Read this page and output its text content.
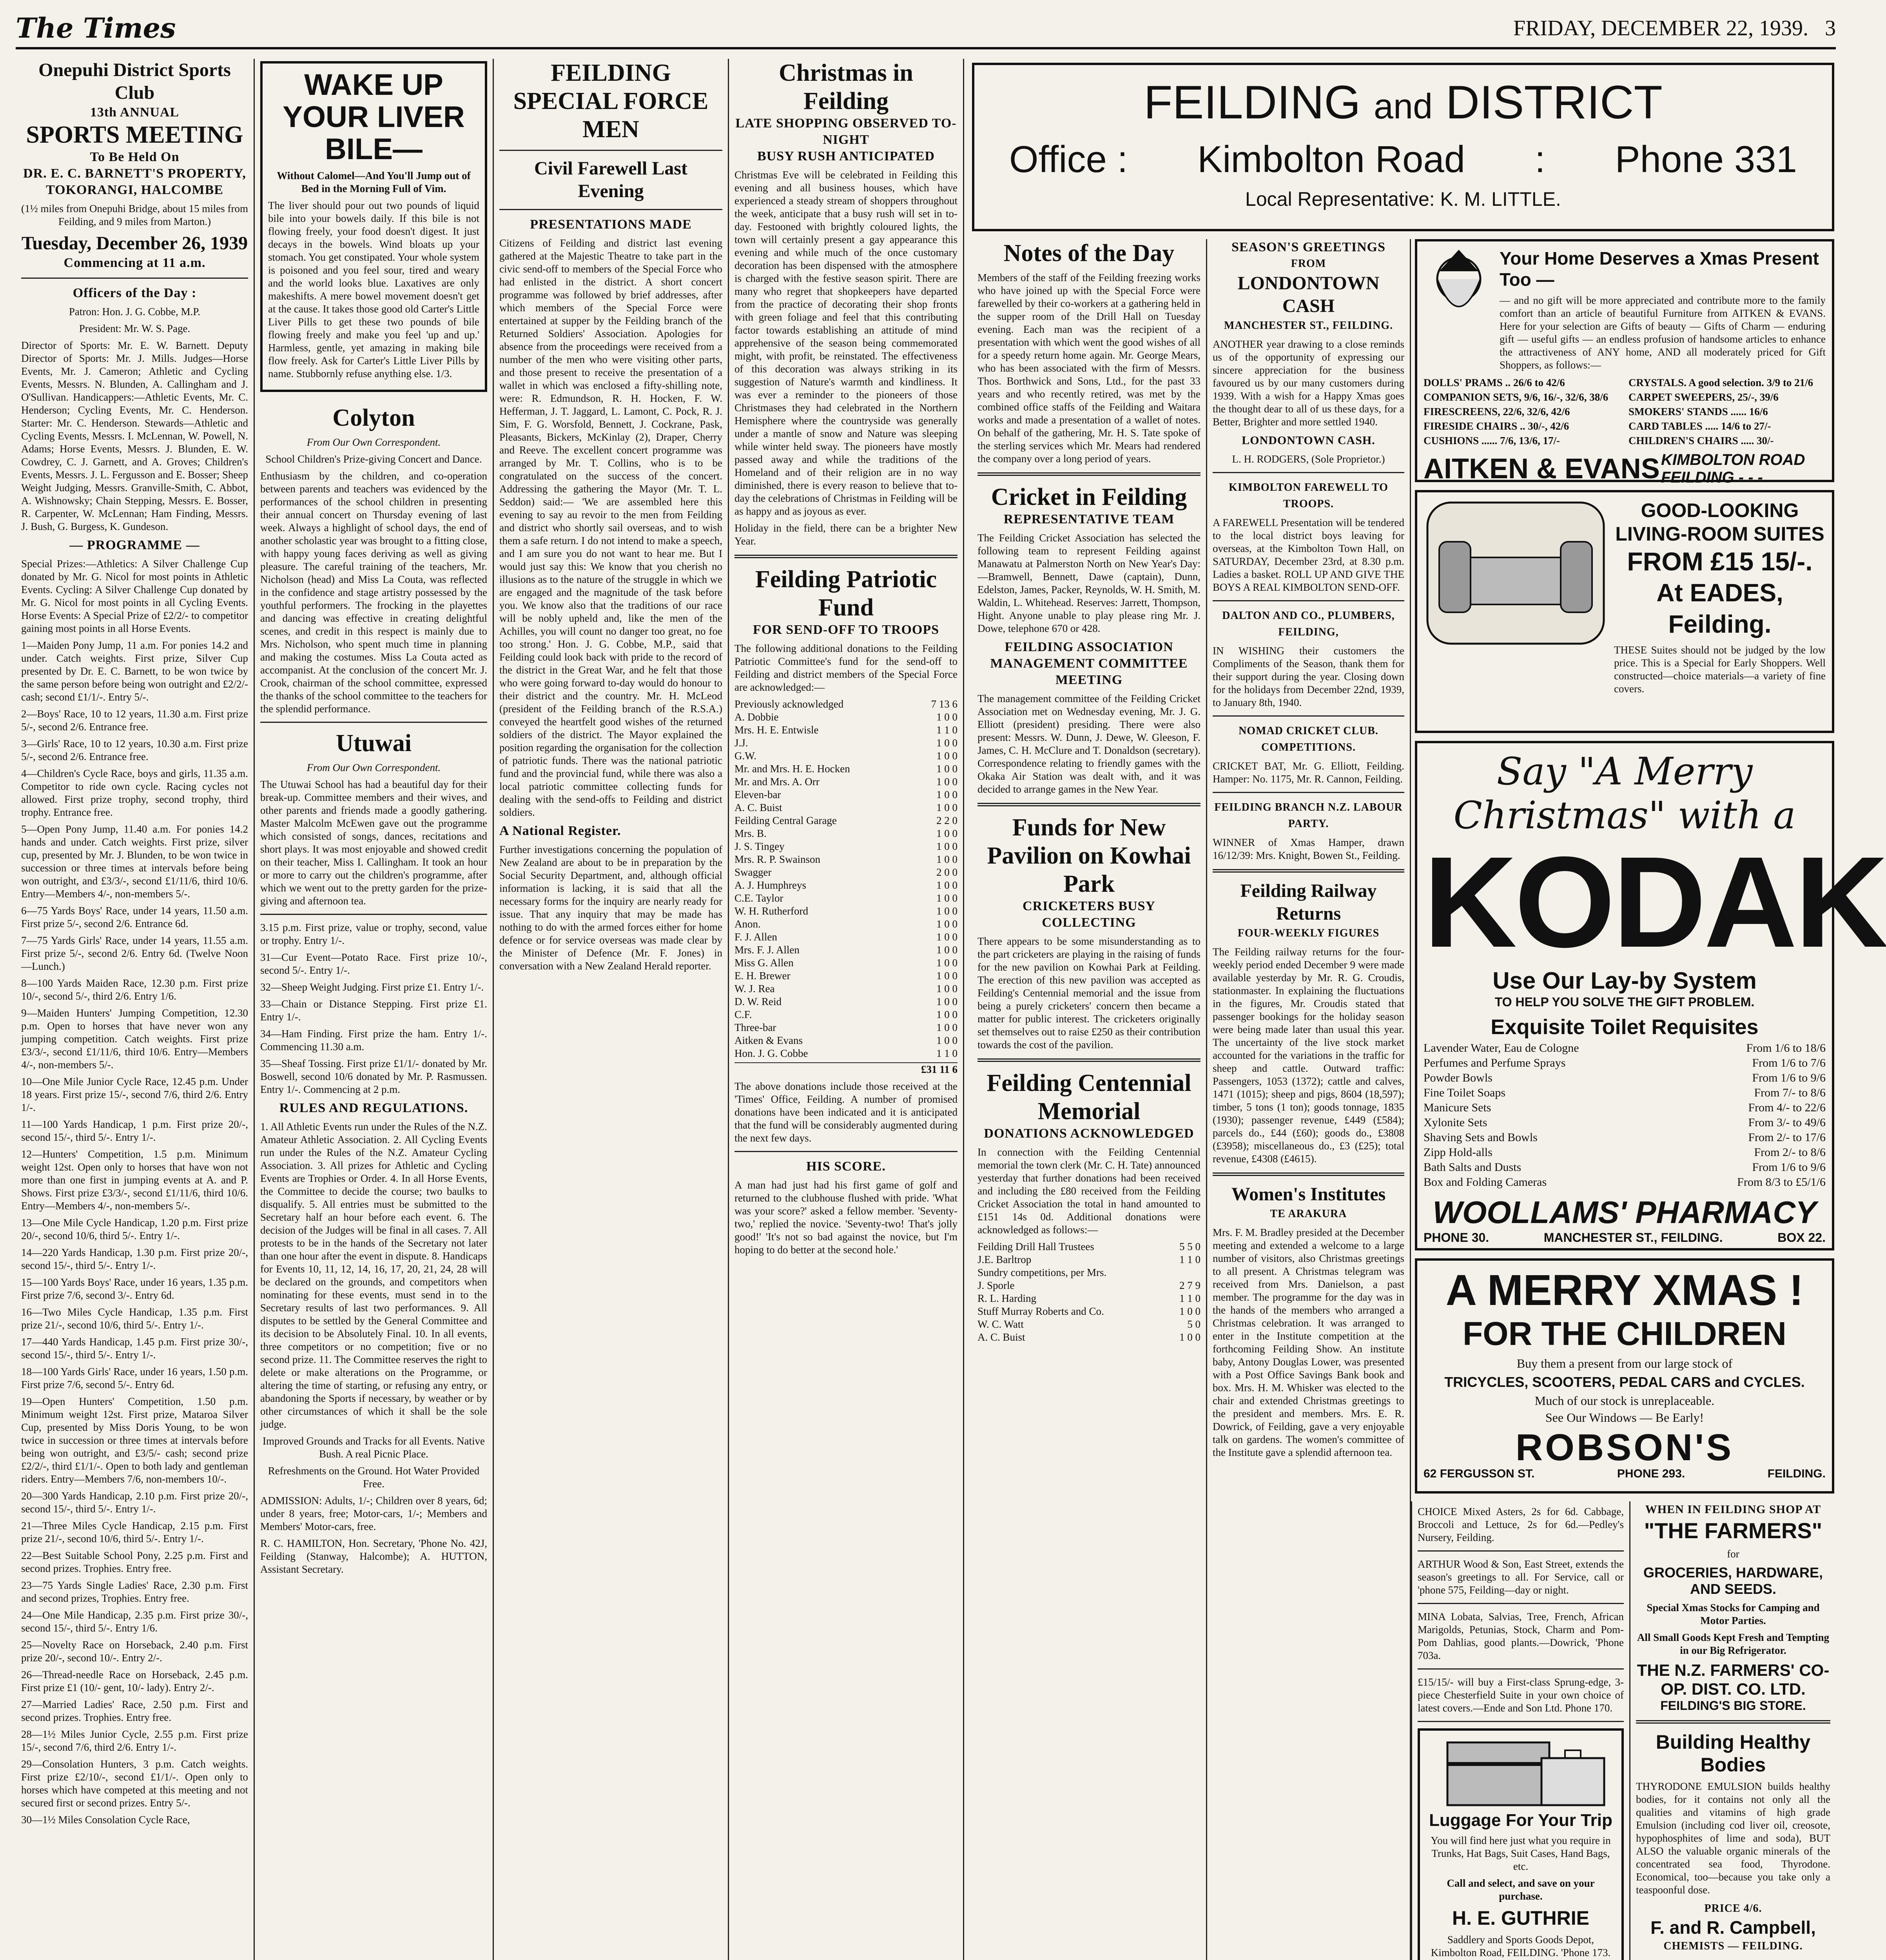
The Times	FRIDAY, DECEMBER 22, 1939. 3
Onepuhi District Sports Club
13th ANNUAL
SPORTS MEETING
To Be Held On
DR. E. C. BARNETT'S PROPERTY, TOKORANGI, HALCOMBE
(1½ miles from Onepuhi Bridge, about 15 miles from Feilding, and 9 miles from Marton.)
Tuesday, December 26, 1939
Commencing at 11 a.m.
Officers of the Day :
Patron: Hon. J. G. Cobbe, M.P.
President: Mr. W. S. Page.
Director of Sports: Mr. E. W. Barnett. Deputy Director of Sports: Mr. J. Mills. Judges—Horse Events, Mr. J. Cameron; Athletic and Cycling Events, Messrs. N. Blunden, A. Callingham and J. O'Sullivan. Handicappers:—Athletic Events, Mr. C. Henderson; Cycling Events, Mr. C. Henderson. Starter: Mr. C. Henderson. Stewards—Athletic and Cycling Events, Messrs. I. McLennan, W. Powell, N. Adams; Horse Events, Messrs. J. Blunden, E. W. Cowdrey, C. J. Garnett, and A. Groves; Children's Events, Messrs. J. L. Fergusson and E. Bosser; Sheep Weight Judging, Messrs. Granville-Smith, C. Abbot, A. Wishnowsky; Chain Stepping, Messrs. E. Bosser, R. Carpenter, W. McLennan; Ham Finding, Messrs. J. Bush, G. Burgess, K. Gundeson.
— PROGRAMME —
Special Prizes:—Athletics: A Silver Challenge Cup donated by Mr. G. Nicol for most points in Athletic Events. Cycling: A Silver Challenge Cup donated by Mr. G. Nicol for most points in all Cycling Events. Horse Events: A Special Prize of £2/2/- to competitor gaining most points in all Horse Events.
1—Maiden Pony Jump, 11 a.m. For ponies 14.2 and under. Catch weights. First prize, Silver Cup presented by Dr. E. C. Barnett, to be won twice by the same person before being won outright and £2/2/- cash; second £1/1/-. Entry 5/-.
2—Boys' Race, 10 to 12 years, 11.30 a.m. First prize 5/-, second 2/6. Entrance free.
3—Girls' Race, 10 to 12 years, 10.30 a.m. First prize 5/-, second 2/6. Entrance free.
4—Children's Cycle Race, boys and girls, 11.35 a.m. Competitor to ride own cycle. Racing cycles not allowed. First prize trophy, second trophy, third trophy. Entrance free.
5—Open Pony Jump, 11.40 a.m. For ponies 14.2 hands and under. Catch weights. First prize, silver cup, presented by Mr. J. Blunden, to be won twice in succession or three times at intervals before being won outright, and £3/3/-, second £1/11/6, third 10/6. Entry—Members 4/-, non-members 5/-.
6—75 Yards Boys' Race, under 14 years, 11.50 a.m. First prize 5/-, second 2/6. Entrance 6d.
7—75 Yards Girls' Race, under 14 years, 11.55 a.m. First prize 5/-, second 2/6. Entry 6d. (Twelve Noon—Lunch.)
8—100 Yards Maiden Race, 12.30 p.m. First prize 10/-, second 5/-, third 2/6. Entry 1/6.
9—Maiden Hunters' Jumping Competition, 12.30 p.m. Open to horses that have never won any jumping competition. Catch weights. First prize £3/3/-, second £1/11/6, third 10/6. Entry—Members 4/-, non-members 5/-.
10—One Mile Junior Cycle Race, 12.45 p.m. Under 18 years. First prize 15/-, second 7/6, third 2/6. Entry 1/-.
11—100 Yards Handicap, 1 p.m. First prize 20/-, second 15/-, third 5/-. Entry 1/-.
12—Hunters' Competition, 1.5 p.m. Minimum weight 12st. Open only to horses that have won not more than one first in jumping events at A. and P. Shows. First prize £3/3/-, second £1/11/6, third 10/6. Entry—Members 4/-, non-members 5/-.
13—One Mile Cycle Handicap, 1.20 p.m. First prize 20/-, second 10/6, third 5/-. Entry 1/-.
14—220 Yards Handicap, 1.30 p.m. First prize 20/-, second 15/-, third 5/-. Entry 1/-.
15—100 Yards Boys' Race, under 16 years, 1.35 p.m. First prize 7/6, second 3/-. Entry 6d.
16—Two Miles Cycle Handicap, 1.35 p.m. First prize 21/-, second 10/6, third 5/-. Entry 1/-.
17—440 Yards Handicap, 1.45 p.m. First prize 30/-, second 15/-, third 5/-. Entry 1/-.
18—100 Yards Girls' Race, under 16 years, 1.50 p.m. First prize 7/6, second 5/-. Entry 6d.
19—Open Hunters' Competition, 1.50 p.m. Minimum weight 12st. First prize, Mataroa Silver Cup, presented by Miss Doris Young, to be won twice in succession or three times at intervals before being won outright, and £3/5/- cash; second prize £2/2/-, third £1/1/-. Open to both lady and gentleman riders. Entry—Members 7/6, non-members 10/-.
20—300 Yards Handicap, 2.10 p.m. First prize 20/-, second 15/-, third 5/-. Entry 1/-.
21—Three Miles Cycle Handicap, 2.15 p.m. First prize 21/-, second 10/6, third 5/-. Entry 1/-.
22—Best Suitable School Pony, 2.25 p.m. First and second prizes. Trophies. Entry free.
23—75 Yards Single Ladies' Race, 2.30 p.m. First and second prizes, Trophies. Entry free.
24—One Mile Handicap, 2.35 p.m. First prize 30/-, second 15/-, third 5/-. Entry 1/6.
25—Novelty Race on Horseback, 2.40 p.m. First prize 20/-, second 10/-. Entry 2/-.
26—Thread-needle Race on Horseback, 2.45 p.m. First prize £1 (10/- gent, 10/- lady). Entry 2/-.
27—Married Ladies' Race, 2.50 p.m. First and second prizes. Trophies. Entry free.
28—1½ Miles Junior Cycle, 2.55 p.m. First prize 15/-, second 7/6, third 2/6. Entry 1/-.
29—Consolation Hunters, 3 p.m. Catch weights. First prize £2/10/-, second £1/1/-. Open only to horses which have competed at this meeting and not secured first or second prizes. Entry 5/-.
30—1½ Miles Consolation Cycle Race,
WAKE UP YOUR LIVER BILE—
Without Calomel—And You'll Jump out of Bed in the Morning Full of Vim.
The liver should pour out two pounds of liquid bile into your bowels daily. If this bile is not flowing freely, your food doesn't digest. It just decays in the bowels. Wind bloats up your stomach. You get constipated. Your whole system is poisoned and you feel sour, tired and weary and the world looks blue. Laxatives are only makeshifts. A mere bowel movement doesn't get at the cause. It takes those good old Carter's Little Liver Pills to get these two pounds of bile flowing freely and make you feel 'up and up.' Harmless, gentle, yet amazing in making bile flow freely. Ask for Carter's Little Liver Pills by name. Stubbornly refuse anything else. 1/3.
Colyton
From Our Own Correspondent.
School Children's Prize-giving Concert and Dance.
Enthusiasm by the children, and co-operation between parents and teachers was evidenced by the performances of the school children in presenting their annual concert on Thursday evening of last week. Always a highlight of school days, the end of another scholastic year was brought to a fitting close, with happy young faces deriving as well as giving pleasure. The careful training of the teachers, Mr. Nicholson (head) and Miss La Couta, was reflected in the confidence and stage artistry possessed by the youthful performers. The frocking in the playettes and dancing was effective in creating delightful scenes, and credit in this respect is mainly due to Mrs. Nicholson, who spent much time in planning and making the costumes. Miss La Couta acted as accompanist. At the conclusion of the concert Mr. J. Crook, chairman of the school committee, expressed the thanks of the school committee to the teachers for the splendid performance.
Utuwai
From Our Own Correspondent.
The Utuwai School has had a beautiful day for their break-up. Committee members and their wives, and other parents and friends made a goodly gathering. Master Malcolm McEwen gave out the programme which consisted of songs, dances, recitations and short plays. It was most enjoyable and showed credit on their teacher, Miss I. Callingham. It took an hour or more to carry out the children's programme, after which we went out to the pretty garden for the prize-giving and afternoon tea.
3.15 p.m. First prize, value or trophy, second, value or trophy. Entry 1/-.
31—Cur Event—Potato Race. First prize 10/-, second 5/-. Entry 1/-.
32—Sheep Weight Judging. First prize £1. Entry 1/-.
33—Chain or Distance Stepping. First prize £1. Entry 1/-.
34—Ham Finding. First prize the ham. Entry 1/-. Commencing 11.30 a.m.
35—Sheaf Tossing. First prize £1/1/- donated by Mr. Boswell, second 10/6 donated by Mr. P. Rasmussen. Entry 1/-. Commencing at 2 p.m.
RULES AND REGULATIONS.
1. All Athletic Events run under the Rules of the N.Z. Amateur Athletic Association. 2. All Cycling Events run under the Rules of the N.Z. Amateur Cycling Association. 3. All prizes for Athletic and Cycling Events are Trophies or Order. 4. In all Horse Events, the Committee to decide the course; two baulks to disqualify. 5. All entries must be submitted to the Secretary half an hour before each event. 6. The decision of the Judges will be final in all cases. 7. All protests to be in the hands of the Secretary not later than one hour after the event in dispute. 8. Handicaps for Events 10, 11, 12, 14, 16, 17, 20, 21, 24, 28 will be declared on the grounds, and competitors when nominating for these events, must send in to the Secretary results of last two performances. 9. All disputes to be settled by the General Committee and its decision to be Absolutely Final. 10. In all events, three competitors or no competition; five or no second prize. 11. The Committee reserves the right to delete or make alterations on the Programme, or altering the time of starting, or refusing any entry, or abandoning the Sports if necessary, by weather or by other circumstances of which it shall be the sole judge.
Improved Grounds and Tracks for all Events. Native Bush. A real Picnic Place.
Refreshments on the Ground. Hot Water Provided Free.
ADMISSION: Adults, 1/-; Children over 8 years, 6d; under 8 years, free; Motor-cars, 1/-; Members and Members' Motor-cars, free.
R. C. HAMILTON, Hon. Secretary, 'Phone No. 42J, Feilding (Stanway, Halcombe); A. HUTTON, Assistant Secretary.
FEILDING SPECIAL FORCE MEN
Civil Farewell Last Evening
PRESENTATIONS MADE
Citizens of Feilding and district last evening gathered at the Majestic Theatre to take part in the civic send-off to members of the Special Force who had enlisted in the district. A short concert programme was followed by brief addresses, after which members of the Special Force were entertained at supper by the Feilding branch of the Returned Soldiers' Association. Apologies for absence from the proceedings were received from a number of the men who were visiting other parts, and those present to receive the presentation of a wallet in which was enclosed a fifty-shilling note, were: R. Edmundson, R. H. Hocken, F. W. Hefferman, J. T. Jaggard, L. Lamont, C. Pock, R. J. Sim, F. G. Worsfold, Bennett, J. Cockrane, Pask, Pleasants, Bickers, McKinlay (2), Draper, Cherry and Reeve. The excellent concert programme was arranged by Mr. T. Collins, who is to be congratulated on the success of the concert. Addressing the gathering the Mayor (Mr. T. L. Seddon) said:— 'We are assembled here this evening to say au revoir to the men from Feilding and district who shortly sail overseas, and to wish them a safe return. I do not intend to make a speech, and I am sure you do not want to hear me. But I would just say this: We know that you cherish no illusions as to the nature of the struggle in which we are engaged and the magnitude of the task before you. We know also that the traditions of our race will be nobly upheld and, like the men of the Achilles, you will count no danger too great, no foe too strong.' Hon. J. G. Cobbe, M.P., said that Feilding could look back with pride to the record of the district in the Great War, and he felt that those who were going forward to-day would do honour to their district and the country. Mr. H. McLeod (president of the Feilding branch of the R.S.A.) conveyed the heartfelt good wishes of the returned soldiers of the district. The Mayor explained the position regarding the organisation for the collection of patriotic funds. There was the national patriotic fund and the provincial fund, while there was also a local patriotic committee collecting funds for dealing with the send-offs to Feilding and district soldiers.
A National Register.
Further investigations concerning the population of New Zealand are about to be in preparation by the Social Security Department, and, although official information is lacking, it is said that all the necessary forms for the inquiry are nearly ready for issue. That any inquiry that may be made has nothing to do with the armed forces either for home defence or for service overseas was made clear by the Minister of Defence (Mr. F. Jones) in conversation with a New Zealand Herald reporter.
Christmas in Feilding
LATE SHOPPING OBSERVED TO-NIGHT
BUSY RUSH ANTICIPATED
Christmas Eve will be celebrated in Feilding this evening and all business houses, which have experienced a steady stream of shoppers throughout the week, anticipate that a busy rush will set in to-day. Festooned with brightly coloured lights, the town will certainly present a gay appearance this evening and while much of the once customary decoration has been dispensed with the atmosphere is charged with the festive season spirit. There are many who regret that shopkeepers have departed from the practice of decorating their shop fronts with green foliage and feel that this contributing factor towards establishing an attitude of mind apprehensive of the season being commemorated might, with profit, be reinstated. The effectiveness of this decoration was always striking in its suggestion of Nature's warmth and kindliness. It was ever a reminder to the pioneers of those Christmases they had celebrated in the Northern Hemisphere where the countryside was generally under a mantle of snow and Nature was sleeping while winter held sway. The pioneers have mostly passed away and while the traditions of the Homeland and of their religion are in no way diminished, there is every reason to believe that to-day the celebrations of Christmas in Feilding will be as happy and as joyous as ever.
Holiday in the field, there can be a brighter New Year.
Feilding Patriotic Fund
FOR SEND-OFF TO TROOPS
The following additional donations to the Feilding Patriotic Committee's fund for the send-off to Feilding and district members of the Special Force are acknowledged:—
Previously acknowledged	7 13 6
A. Dobbie	1 0 0
Mrs. H. E. Entwisle	1 1 0
J.J.	1 0 0
G.W.	1 0 0
Mr. and Mrs. H. E. Hocken	1 0 0
Mr. and Mrs. A. Orr	1 0 0
Eleven-bar	1 0 0
A. C. Buist	1 0 0
Feilding Central Garage	2 2 0
Mrs. B.	1 0 0
J. S. Tingey	1 0 0
Mrs. R. P. Swainson	1 0 0
Swagger	2 0 0
A. J. Humphreys	1 0 0
C.E. Taylor	1 0 0
W. H. Rutherford	1 0 0
Anon.	1 0 0
F. J. Allen	1 0 0
Mrs. F. J. Allen	1 0 0
Miss G. Allen	1 0 0
E. H. Brewer	1 0 0
W. J. Rea	1 0 0
D. W. Reid	1 0 0
C.F.	1 0 0
Three-bar	1 0 0
Aitken & Evans	1 0 0
Hon. J. G. Cobbe	1 1 0
£31 11 6
The above donations include those received at the 'Times' Office, Feilding. A number of promised donations have been indicated and it is anticipated that the fund will be considerably augmented during the next few days.
HIS SCORE.
A man had just had his first game of golf and returned to the clubhouse flushed with pride. 'What was your score?' asked a fellow member. 'Seventy-two,' replied the novice. 'Seventy-two! That's jolly good!' 'It's not so bad against the novice, but I'm hoping to do better at the second hole.'
FEILDING and DISTRICT
Office : Kimbolton Road : Phone 331
Local Representative: K. M. LITTLE.
Notes of the Day
Members of the staff of the Feilding freezing works who have joined up with the Special Force were farewelled by their co-workers at a gathering held in the supper room of the Drill Hall on Tuesday evening. Each man was the recipient of a presentation with which went the good wishes of all for a speedy return home again. Mr. George Mears, who has been associated with the firm of Messrs. Thos. Borthwick and Sons, Ltd., for the past 33 years and who recently retired, was met by the combined office staffs of the Feilding and Waitara works and made a presentation of a wallet of notes. On behalf of the gathering, Mr. H. S. Tate spoke of the sterling services which Mr. Mears had rendered the company over a long period of years.
Cricket in Feilding
REPRESENTATIVE TEAM
The Feilding Cricket Association has selected the following team to represent Feilding against Manawatu at Palmerston North on New Year's Day:—Bramwell, Bennett, Dawe (captain), Dunn, Edelston, James, Packer, Reynolds, W. H. Smith, M. Waldin, L. Whitehead. Reserves: Jarrett, Thompson, Hight. Anyone unable to play please ring Mr. J. Dowe, telephone 670 or 428.
FEILDING ASSOCIATION
MANAGEMENT COMMITTEE MEETING
The management committee of the Feilding Cricket Association met on Wednesday evening, Mr. J. G. Elliott (president) presiding. There were also present: Messrs. W. Dunn, J. Dewe, W. Gleeson, F. James, C. H. McClure and T. Donaldson (secretary). Correspondence relating to friendly games with the Okaka Air Station was dealt with, and it was decided to arrange games in the New Year.
Funds for New Pavilion on Kowhai Park
CRICKETERS BUSY COLLECTING
There appears to be some misunderstanding as to the part cricketers are playing in the raising of funds for the new pavilion on Kowhai Park at Feilding. The erection of this new pavilion was accepted as Feilding's Centennial memorial and the issue from being a purely cricketers' concern then became a matter for public interest. The cricketers originally set themselves out to raise £250 as their contribution towards the cost of the pavilion.
Feilding Centennial Memorial
DONATIONS ACKNOWLEDGED
In connection with the Feilding Centennial memorial the town clerk (Mr. C. H. Tate) announced yesterday that further donations had been received and including the £80 received from the Feilding Cricket Association the total in hand amounted to £151 14s 0d. Additional donations were acknowledged as follows:—
Feilding Drill Hall Trustees	5 5 0
J.E. Barltrop	1 1 0
Sundry competitions, per Mrs.
J. Sporle	2 7 9
R. L. Harding	1 1 0
Stuff Murray Roberts and Co.	1 0 0
W. C. Watt	5 0
A. C. Buist	1 0 0
SEASON'S GREETINGS
FROM
LONDONTOWN CASH
MANCHESTER ST., FEILDING.
ANOTHER year drawing to a close reminds us of the opportunity of expressing our sincere appreciation for the business favoured us by our many customers during 1939. With a wish for a Happy Xmas goes the thought dear to all of us these days, for a Better, Brighter and more settled 1940.
LONDONTOWN CASH.
L. H. RODGERS, (Sole Proprietor.)
KIMBOLTON FAREWELL TO TROOPS.
A FAREWELL Presentation will be tendered to the local district boys leaving for overseas, at the Kimbolton Town Hall, on SATURDAY, December 23rd, at 8.30 p.m. Ladies a basket. ROLL UP AND GIVE THE BOYS A REAL KIMBOLTON SEND-OFF.
DALTON AND CO., PLUMBERS, FEILDING,
IN WISHING their customers the Compliments of the Season, thank them for their support during the year. Closing down for the holidays from December 22nd, 1939, to January 8th, 1940.
NOMAD CRICKET CLUB. COMPETITIONS.
CRICKET BAT, Mr. G. Elliott, Feilding. Hamper: No. 1175, Mr. R. Cannon, Feilding.
FEILDING BRANCH N.Z. LABOUR PARTY.
WINNER of Xmas Hamper, drawn 16/12/39: Mrs. Knight, Bowen St., Feilding.
Feilding Railway Returns
FOUR-WEEKLY FIGURES
The Feilding railway returns for the four-weekly period ended December 9 were made available yesterday by Mr. R. G. Croudis, stationmaster. In explaining the fluctuations in the figures, Mr. Croudis stated that passenger bookings for the holiday season were being made later than usual this year. The uncertainty of the live stock market accounted for the variations in the traffic for sheep and cattle. Outward traffic: Passengers, 1053 (1372); cattle and calves, 1471 (1015); sheep and pigs, 8604 (18,597); timber, 5 tons (1 ton); goods tonnage, 1835 (1930); passenger revenue, £449 (£584); parcels do., £44 (£60); goods do., £3808 (£3958); miscellaneous do., £3 (£25); total revenue, £4308 (£4615).
Women's Institutes
TE ARAKURA
Mrs. F. M. Bradley presided at the December meeting and extended a welcome to a large number of visitors, also Christmas greetings to all present. A Christmas telegram was received from Mrs. Danielson, a past member. The programme for the day was in the hands of the members who arranged a Christmas celebration. It was arranged to enter in the Institute competition at the forthcoming Feilding Show. An institute baby, Antony Douglas Lower, was presented with a Post Office Savings Bank book and box. Mrs. H. M. Whisker was elected to the chair and extended Christmas greetings to the president and members. Mrs. E. R. Dowrick, of Feilding, gave a very enjoyable talk on gardens. The women's committee of the Institute gave a splendid afternoon tea.
Your Home Deserves a Xmas Present Too —
— and no gift will be more appreciated and contribute more to the family comfort than an article of beautiful Furniture from AITKEN & EVANS. Here for your selection are Gifts of beauty — Gifts of Charm — enduring gift — useful gifts — an endless profusion of handsome articles to enhance the attractiveness of ANY home, AND all moderately priced for Gift Shoppers, as follows:—
DOLLS' PRAMS .. 26/6 to 42/6	CRYSTALS. A good selection. 3/9 to 21/6
COMPANION SETS, 9/6, 16/-, 32/6, 38/6	CARPET SWEEPERS, 25/-, 39/6
FIRESCREENS, 22/6, 32/6, 42/6	SMOKERS' STANDS ...... 16/6
FIRESIDE CHAIRS .. 30/-, 42/6	CARD TABLES ..... 14/6 to 27/-
CUSHIONS ...... 7/6, 13/6, 17/-	CHILDREN'S CHAIRS ..... 30/-
AITKEN & EVANS KIMBOLTON ROAD FEILDING - - -
GOOD-LOOKING LIVING-ROOM SUITES
FROM £15 15/-.
At EADES, Feilding.
THESE Suites should not be judged by the low price. This is a Special for Early Shoppers. Well constructed—choice materials—a variety of fine covers.
Say "A Merry Christmas" with a
KODAK
Use Our Lay-by System
TO HELP YOU SOLVE THE GIFT PROBLEM.
Exquisite Toilet Requisites
Lavender Water, Eau de Cologne	From 1/6 to 18/6
Perfumes and Perfume Sprays	From 1/6 to 7/6
Powder Bowls	From 1/6 to 9/6
Fine Toilet Soaps	From 7/- to 8/6
Manicure Sets	From 4/- to 22/6
Xylonite Sets	From 3/- to 49/6
Shaving Sets and Bowls	From 2/- to 17/6
Zipp Hold-alls	From 2/- to 8/6
Bath Salts and Dusts	From 1/6 to 9/6
Box and Folding Cameras	From 8/3 to £5/1/6
WOOLLAMS' PHARMACY
PHONE 30.	MANCHESTER ST., FEILDING.	BOX 22.
A MERRY XMAS !
FOR THE CHILDREN
Buy them a present from our large stock of
TRICYCLES, SCOOTERS, PEDAL CARS and CYCLES.
Much of our stock is unreplaceable.
See Our Windows — Be Early!
ROBSON'S
62 FERGUSSON ST.	PHONE 293.	FEILDING.
CHOICE Mixed Asters, 2s for 6d. Cabbage, Broccoli and Lettuce, 2s for 6d.—Pedley's Nursery, Feilding.
ARTHUR Wood & Son, East Street, extends the season's greetings to all. For Service, call or 'phone 575, Feilding—day or night.
MINA Lobata, Salvias, Tree, French, African Marigolds, Petunias, Stock, Charm and Pom-Pom Dahlias, good plants.—Dowrick, 'Phone 703a.
£15/15/- will buy a First-class Sprung-edge, 3-piece Chesterfield Suite in your own choice of latest covers.—Ende and Son Ltd. Phone 170.
Luggage For Your Trip
You will find here just what you require in Trunks, Hat Bags, Suit Cases, Hand Bags, etc.
Call and select, and save on your purchase.
H. E. GUTHRIE
Saddlery and Sports Goods Depot, Kimbolton Road, FEILDING. 'Phone 173.
WHEN IN FEILDING SHOP AT
"THE FARMERS"
for
GROCERIES, HARDWARE, AND SEEDS.
Special Xmas Stocks for Camping and Motor Parties.
All Small Goods Kept Fresh and Tempting in our Big Refrigerator.
THE N.Z. FARMERS' CO-OP. DIST. CO. LTD.
FEILDING'S BIG STORE.
Building Healthy Bodies
THYRODONE EMULSION builds healthy bodies, for it contains not only all the qualities and vitamins of high grade Emulsion (including cod liver oil, creosote, hypophosphites of lime and soda), BUT ALSO the valuable organic minerals of the concentrated sea food, Thyrodone. Economical, too—because you take only a teaspoonful dose.
PRICE 4/6.
F. and R. Campbell,
CHEMISTS — FEILDING.
